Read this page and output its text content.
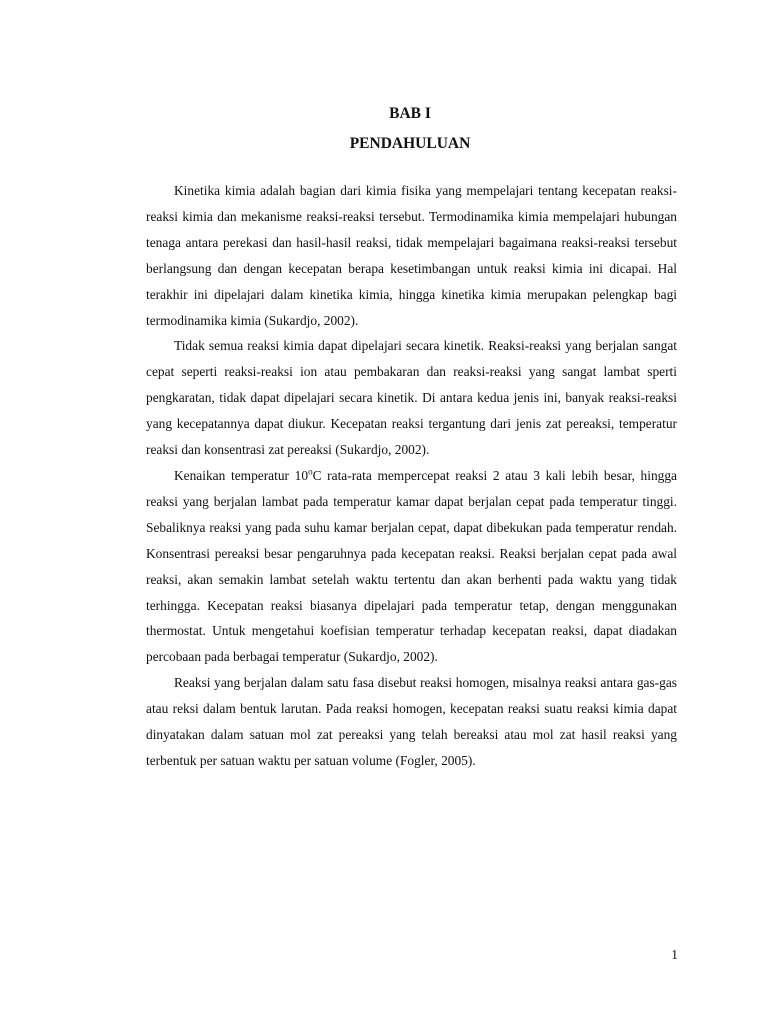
BAB I
PENDAHULUAN

Kinetika kimia adalah bagian dari kimia fisika yang mempelajari tentang kecepatan reaksi-reaksi kimia dan mekanisme reaksi-reaksi tersebut. Termodinamika kimia mempelajari hubungan tenaga antara perekasi dan hasil-hasil reaksi, tidak mempelajari bagaimana reaksi-reaksi tersebut berlangsung dan dengan kecepatan berapa kesetimbangan untuk reaksi kimia ini dicapai. Hal terakhir ini dipelajari dalam kinetika kimia, hingga kinetika kimia merupakan pelengkap bagi termodinamika kimia (Sukardjo, 2002).

Tidak semua reaksi kimia dapat dipelajari secara kinetik. Reaksi-reaksi yang berjalan sangat cepat seperti reaksi-reaksi ion atau pembakaran dan reaksi-reaksi yang sangat lambat sperti pengkaratan, tidak dapat dipelajari secara kinetik. Di antara kedua jenis ini, banyak reaksi-reaksi yang kecepatannya dapat diukur. Kecepatan reaksi tergantung dari jenis zat pereaksi, temperatur reaksi dan konsentrasi zat pereaksi (Sukardjo, 2002).

Kenaikan temperatur 10$^o$C rata-rata mempercepat reaksi 2 atau 3 kali lebih besar, hingga reaksi yang berjalan lambat pada temperatur kamar dapat berjalan cepat pada temperatur tinggi. Sebaliknya reaksi yang pada suhu kamar berjalan cepat, dapat dibekukan pada temperatur rendah. Konsentrasi pereaksi besar pengaruhnya pada kecepatan reaksi. Reaksi berjalan cepat pada awal reaksi, akan semakin lambat setelah waktu tertentu dan akan berhenti pada waktu yang tidak terhingga. Kecepatan reaksi biasanya dipelajari pada temperatur tetap, dengan menggunakan thermostat. Untuk mengetahui koefisian temperatur terhadap kecepatan reaksi, dapat diadakan percobaan pada berbagai temperatur (Sukardjo, 2002).

Reaksi yang berjalan dalam satu fasa disebut reaksi homogen, misalnya reaksi antara gas-gas atau reksi dalam bentuk larutan. Pada reaksi homogen, kecepatan reaksi suatu reaksi kimia dapat dinyatakan dalam satuan mol zat pereaksi yang telah bereaksi atau mol zat hasil reaksi yang terbentuk per satuan waktu per satuan volume (Fogler, 2005).

1
